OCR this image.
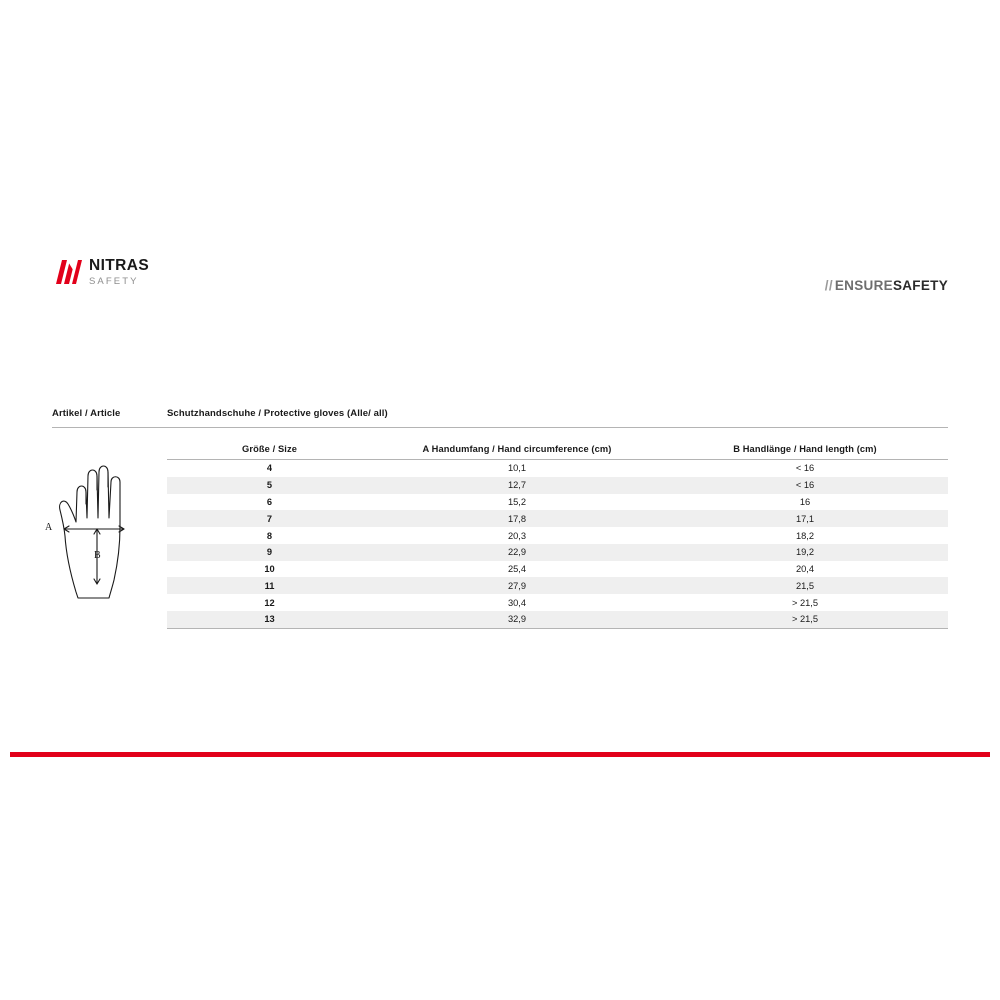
NITRAS
SAFETY	// ENSURESAFETY
Artikel / Article	Schutzhandschuhe / Protective gloves (Alle/ all)
A
B
Größe / Size	A Handumfang / Hand circumference (cm)	B Handlänge / Hand length (cm)
4	10,1	< 16
5	12,7	< 16
6	15,2	16
7	17,8	17,1
8	20,3	18,2
9	22,9	19,2
10	25,4	20,4
11	27,9	21,5
12	30,4	> 21,5
13	32,9	> 21,5
